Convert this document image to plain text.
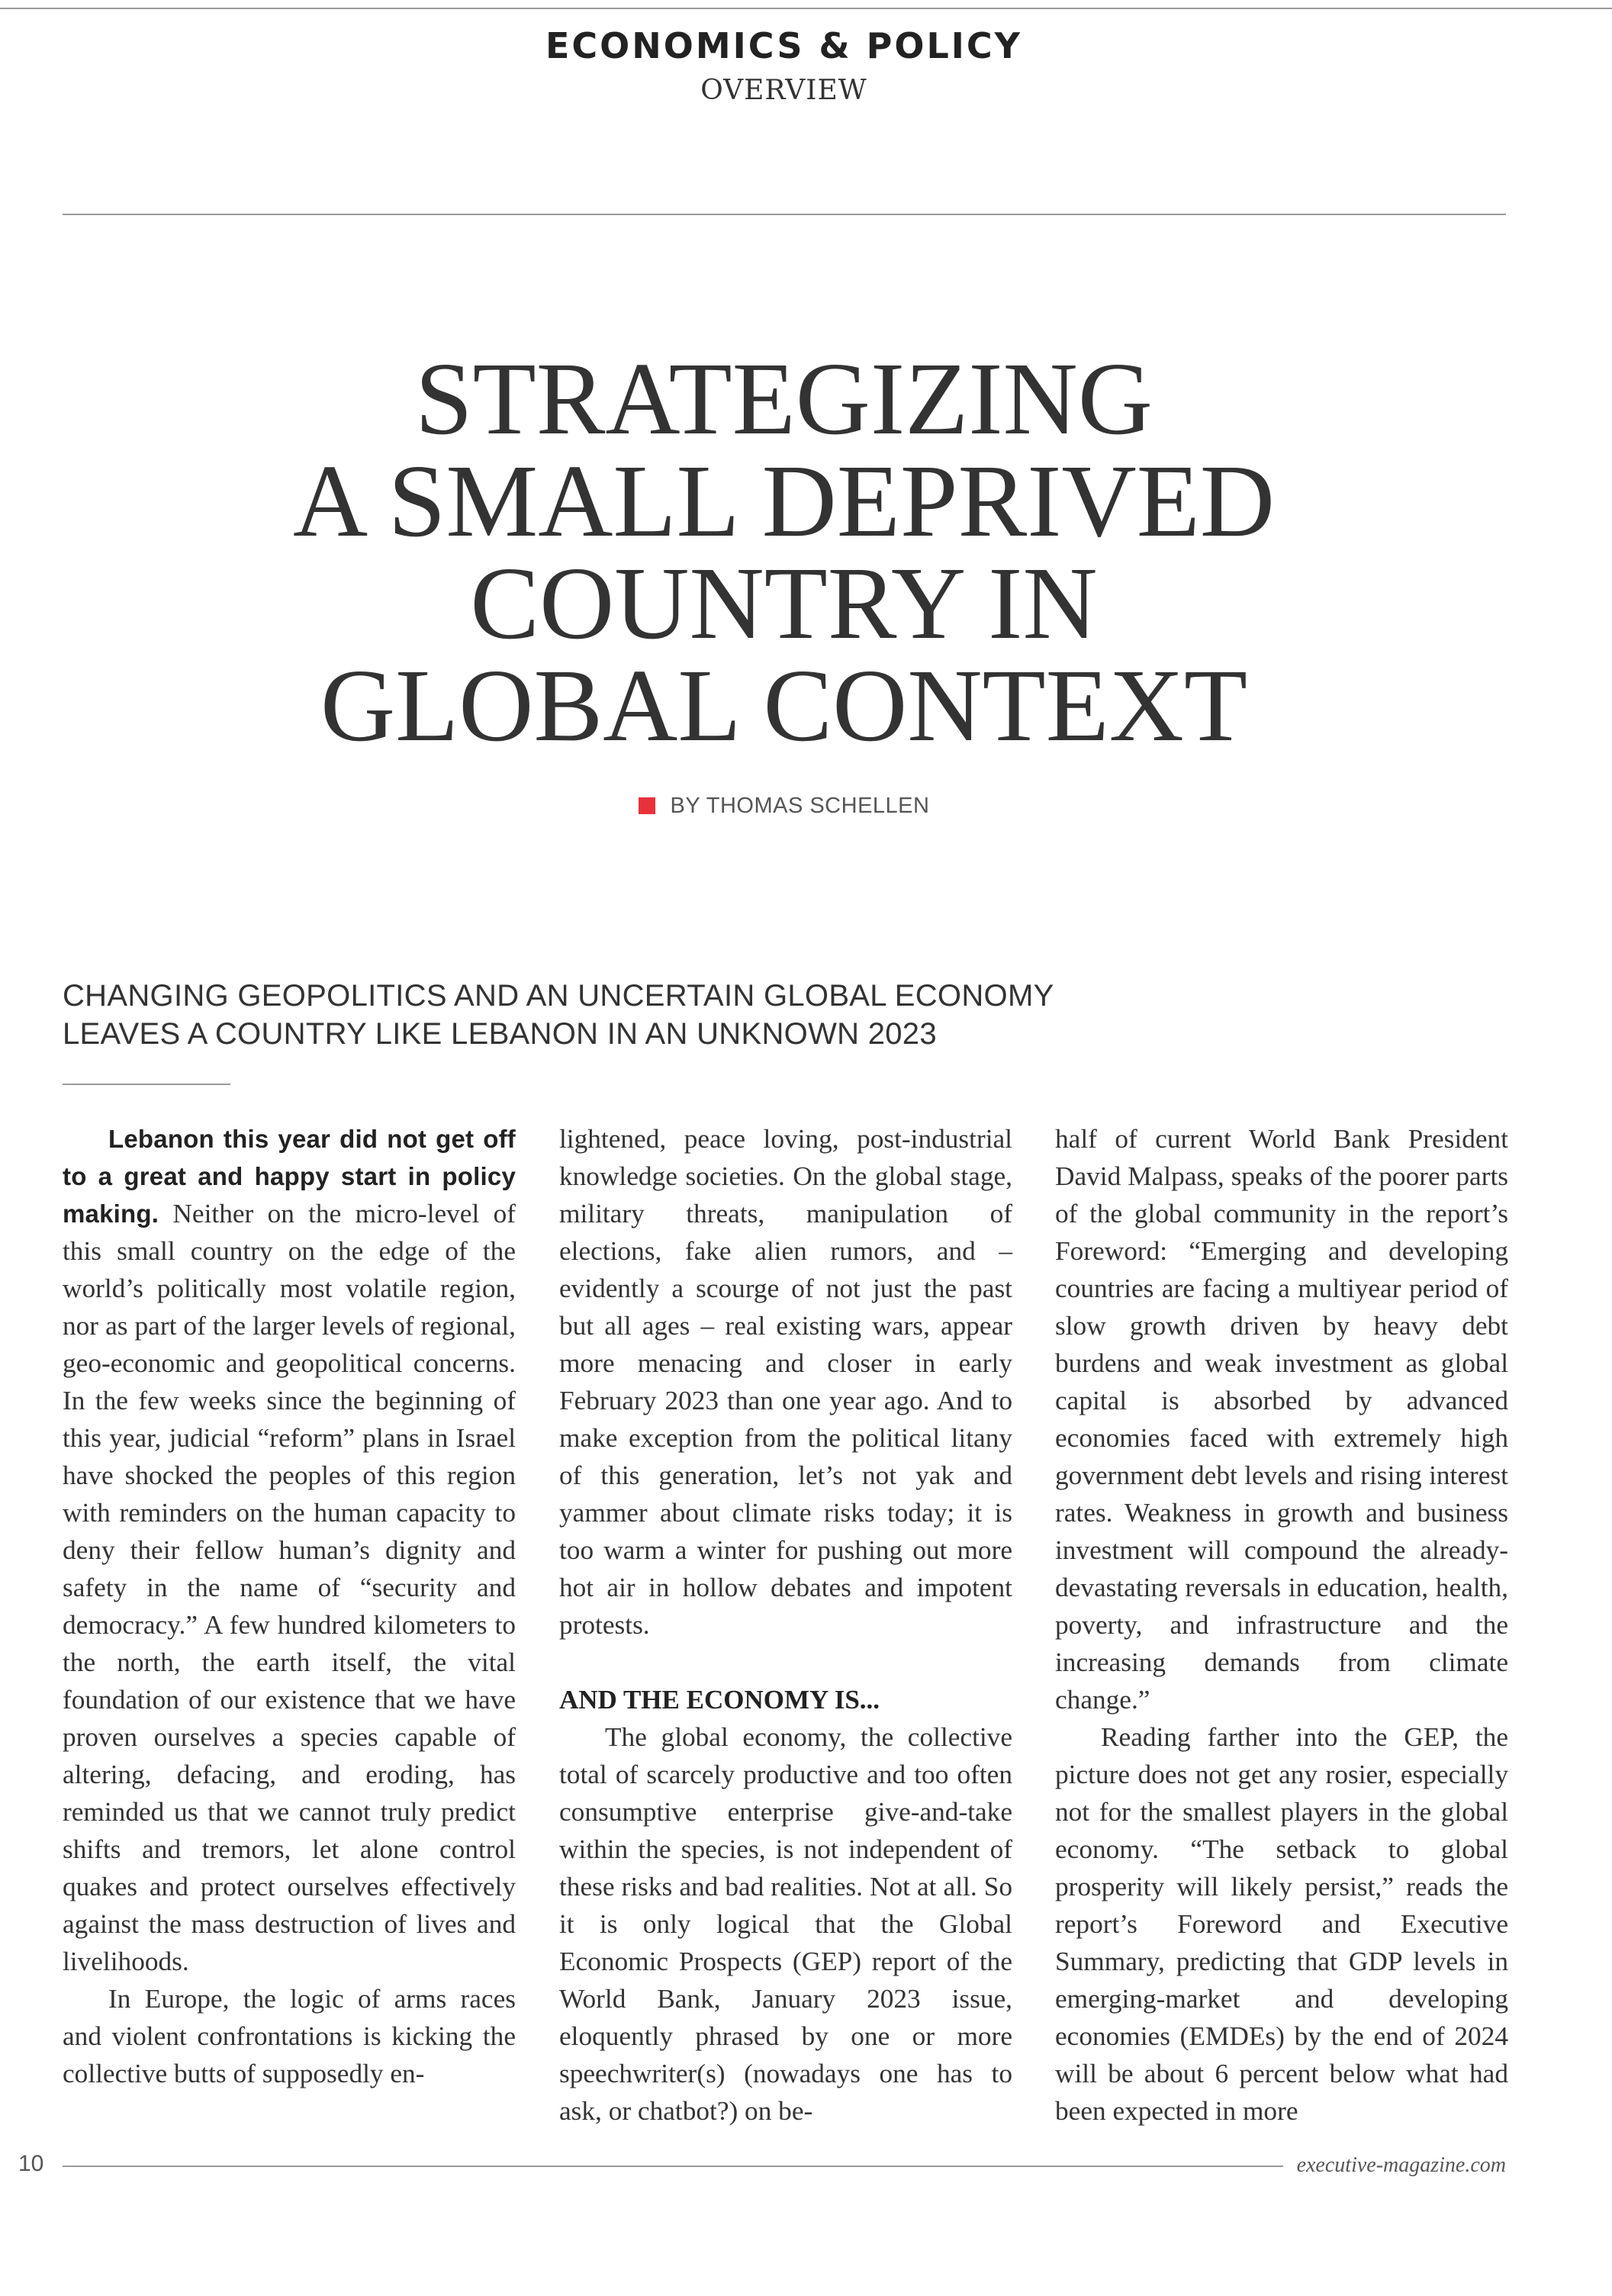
ECONOMICS & POLICY
OVERVIEW
STRATEGIZING
A SMALL DEPRIVED
COUNTRY IN
GLOBAL CONTEXT
BY THOMAS SCHELLEN
CHANGING GEOPOLITICS AND AN UNCERTAIN GLOBAL ECONOMY
LEAVES A COUNTRY LIKE LEBANON IN AN UNKNOWN 2023

Lebanon this year did not get off to a great and happy start in policy making. Neither on the micro-level of this small country on the edge of the world’s politically most volatile region, nor as part of the larger levels of regional, geo-economic and geopolitical concerns. In the few weeks since the beginning of this year, judicial “reform” plans in Israel have shocked the peoples of this region with reminders on the human capacity to deny their fellow human’s dignity and safety in the name of “security and democracy.” A few hundred kilometers to the north, the earth itself, the vital foundation of our existence that we have proven ourselves a species capable of altering, defacing, and eroding, has reminded us that we cannot truly predict shifts and tremors, let alone control quakes and protect ourselves effectively against the mass destruction of lives and livelihoods.

In Europe, the logic of arms races and violent confrontations is kicking the collective butts of supposedly en-

lightened, peace loving, post-industrial knowledge societies. On the global stage, military threats, manipulation of elections, fake alien rumors, and – evidently a scourge of not just the past but all ages – real existing wars, appear more menacing and closer in early February 2023 than one year ago. And to make exception from the political litany of this generation, let’s not yak and yammer about climate risks today; it is too warm a winter for pushing out more hot air in hollow debates and impotent protests.

AND THE ECONOMY IS...

The global economy, the collective total of scarcely productive and too often consumptive enterprise give-and-take within the species, is not independent of these risks and bad realities. Not at all. So it is only logical that the Global Economic Prospects (GEP) report of the World Bank, January 2023 issue, eloquently phrased by one or more speechwriter(s) (nowadays one has to ask, or chatbot?) on be-

half of current World Bank President David Malpass, speaks of the poorer parts of the global community in the report’s Foreword: “Emerging and developing countries are facing a multiyear period of slow growth driven by heavy debt burdens and weak investment as global capital is absorbed by advanced economies faced with extremely high government debt levels and rising interest rates. Weakness in growth and business investment will compound the already-devastating reversals in education, health, poverty, and infrastructure and the increasing demands from climate change.”

Reading farther into the GEP, the picture does not get any rosier, especially not for the smallest players in the global economy. “The setback to global prosperity will likely persist,” reads the report’s Foreword and Executive Summary, predicting that GDP levels in emerging-market and developing economies (EMDEs) by the end of 2024 will be about 6 percent below what had been expected in more

10	executive-magazine.com
